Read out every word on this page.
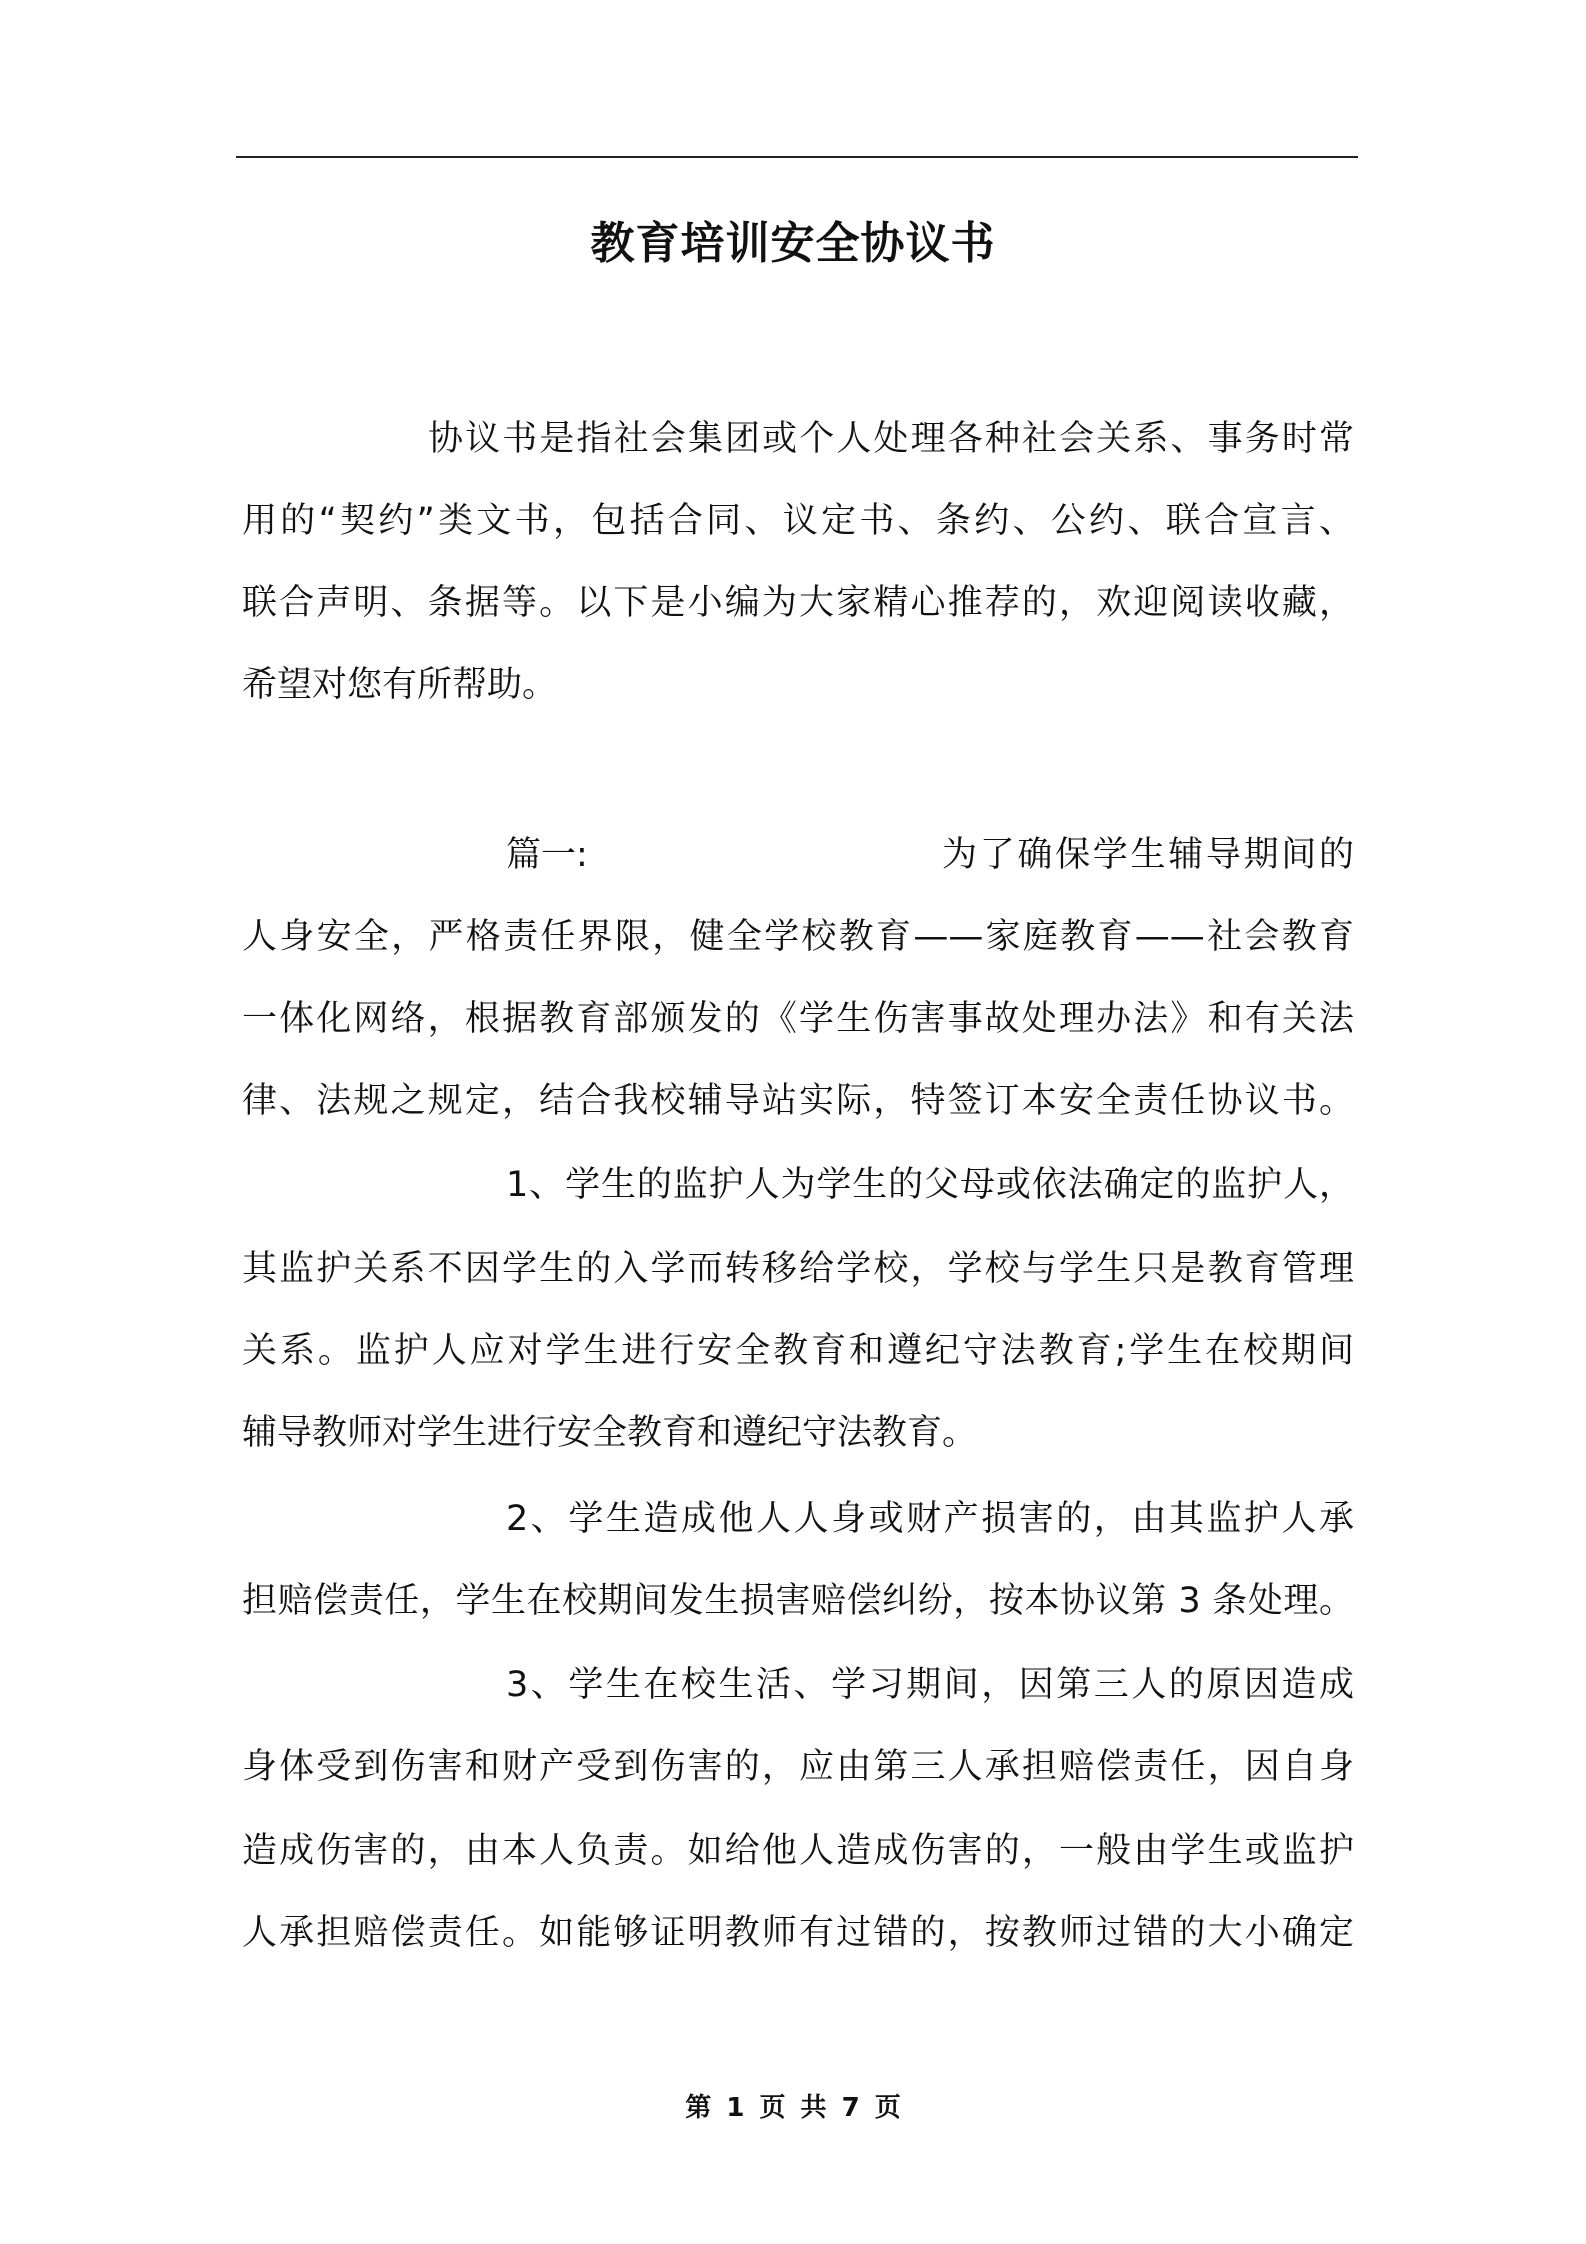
教育培训安全协议书
协议书是指社会集团或个人处理各种社会关系、事务时常
用的“契约”类文书，包括合同、议定书、条约、公约、联合宣言、
联合声明、条据等。以下是小编为大家精心推荐的，欢迎阅读收藏，
希望对您有所帮助。
篇一:	为了确保学生辅导期间的
人身安全，严格责任界限，健全学校教育——家庭教育——社会教育
一体化网络，根据教育部颁发的《学生伤害事故处理办法》和有关法
律、法规之规定，结合我校辅导站实际，特签订本安全责任协议书。
1、学生的监护人为学生的父母或依法确定的监护人，
其监护关系不因学生的入学而转移给学校，学校与学生只是教育管理
关系。监护人应对学生进行安全教育和遵纪守法教育;学生在校期间
辅导教师对学生进行安全教育和遵纪守法教育。
2、学生造成他人人身或财产损害的，由其监护人承
担赔偿责任，学生在校期间发生损害赔偿纠纷，按本协议第 3 条处理。
3、学生在校生活、学习期间，因第三人的原因造成
身体受到伤害和财产受到伤害的，应由第三人承担赔偿责任，因自身
造成伤害的，由本人负责。如给他人造成伤害的，一般由学生或监护
人承担赔偿责任。如能够证明教师有过错的，按教师过错的大小确定
第 1 页 共 7 页
